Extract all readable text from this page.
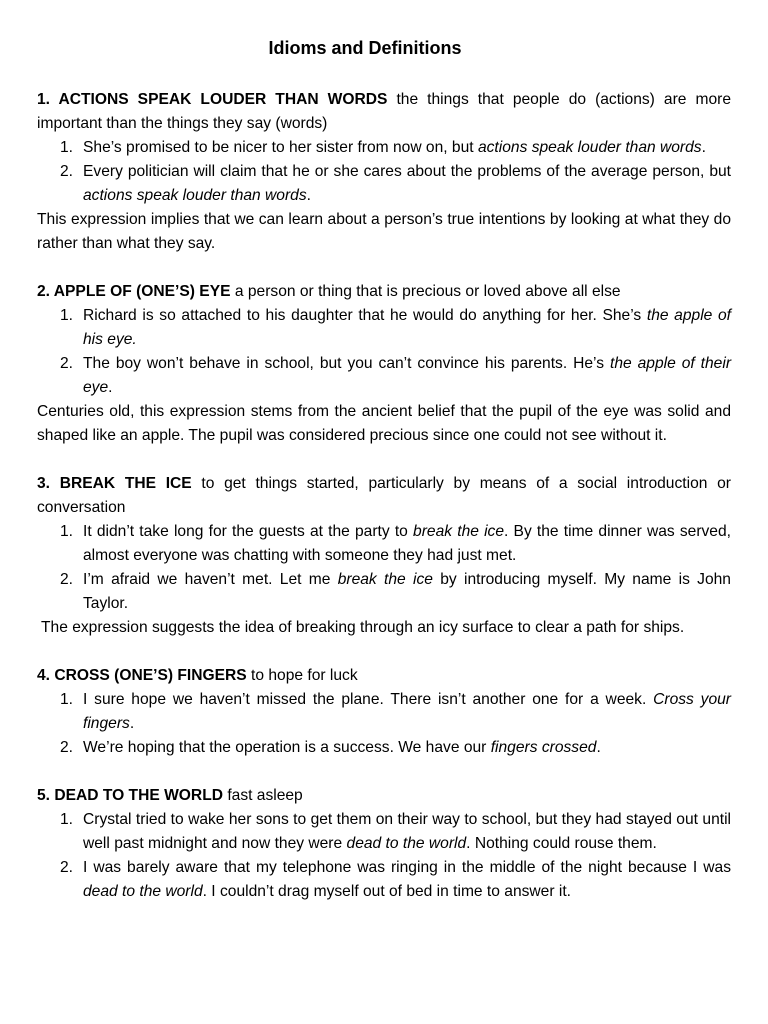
Idioms and Definitions

1. ACTIONS SPEAK LOUDER THAN WORDS the things that people do (actions) are more important than the things they say (words)

1. She’s promised to be nicer to her sister from now on, but actions speak louder than words.
2. Every politician will claim that he or she cares about the problems of the average person, but actions speak louder than words.

This expression implies that we can learn about a person’s true intentions by looking at what they do rather than what they say.

2. APPLE OF (ONE’S) EYE a person or thing that is precious or loved above all else

1. Richard is so attached to his daughter that he would do anything for her. She’s the apple of his eye.
2. The boy won’t behave in school, but you can’t convince his parents. He’s the apple of their eye.

Centuries old, this expression stems from the ancient belief that the pupil of the eye was solid and shaped like an apple. The pupil was considered precious since one could not see without it.

3. BREAK THE ICE to get things started, particularly by means of a social introduction or conversation

1. It didn’t take long for the guests at the party to break the ice. By the time dinner was served, almost everyone was chatting with someone they had just met.
2. I’m afraid we haven’t met. Let me break the ice by introducing myself. My name is John Taylor.

The expression suggests the idea of breaking through an icy surface to clear a path for ships.

4. CROSS (ONE’S) FINGERS to hope for luck

1. I sure hope we haven’t missed the plane. There isn’t another one for a week. Cross your fingers.
2. We’re hoping that the operation is a success. We have our fingers crossed.

5. DEAD TO THE WORLD fast asleep

1. Crystal tried to wake her sons to get them on their way to school, but they had stayed out until well past midnight and now they were dead to the world. Nothing could rouse them.
2. I was barely aware that my telephone was ringing in the middle of the night because I was dead to the world. I couldn’t drag myself out of bed in time to answer it.
